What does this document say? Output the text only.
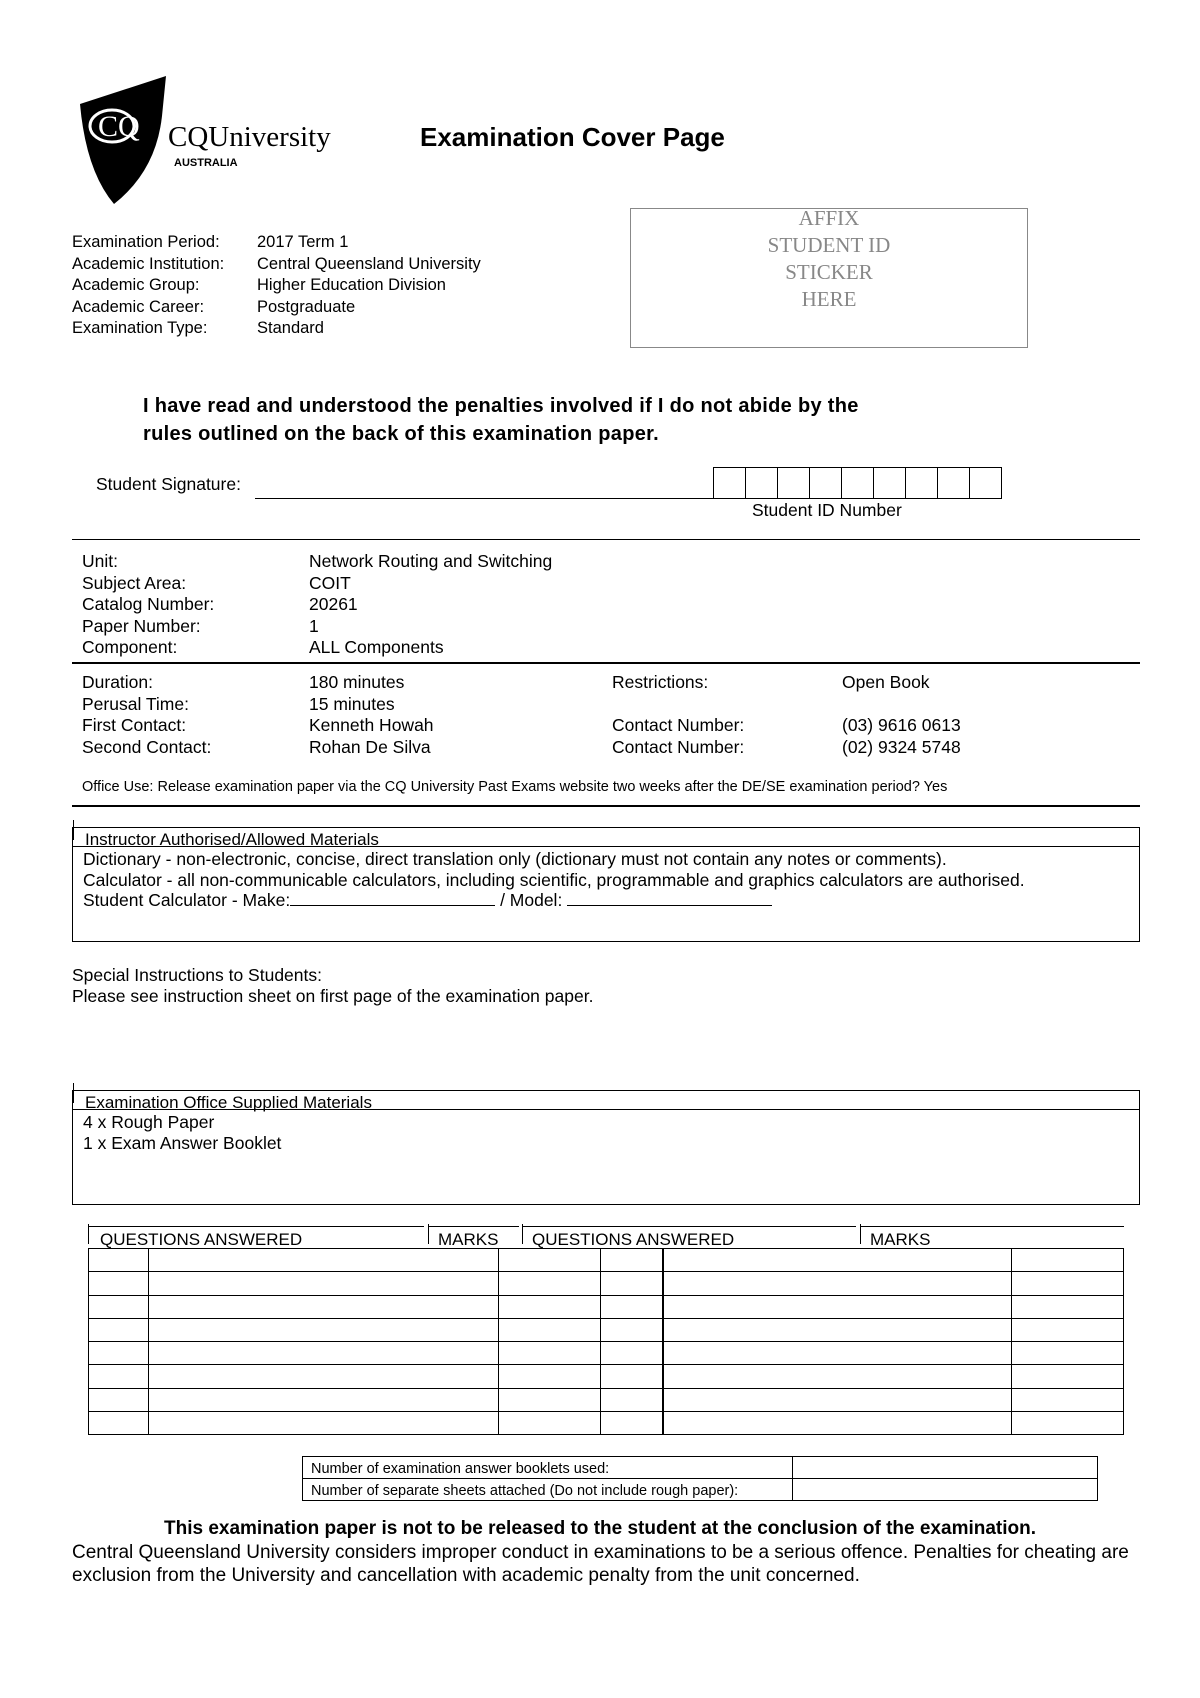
CQ CQUniversity
AUSTRALIA
Examination Cover Page
Examination Period:	2017 Term 1
Academic Institution:	Central Queensland University
Academic Group:	Higher Education Division
Academic Career:	Postgraduate
Examination Type:	Standard
AFFIX
STUDENT ID
STICKER
HERE
I have read and understood the penalties involved if I do not abide by the
rules outlined on the back of this examination paper.
Student Signature:
Student ID Number
Unit:	Network Routing and Switching
Subject Area:	COIT
Catalog Number:	20261
Paper Number:	1
Component:	ALL Components
Duration:	180 minutes	Restrictions:	Open Book
Perusal Time:	15 minutes
First Contact:	Kenneth Howah	Contact Number:	(03) 9616 0613
Second Contact:	Rohan De Silva	Contact Number:	(02) 9324 5748
Office Use: Release examination paper via the CQ University Past Exams website two weeks after the DE/SE examination period? Yes
Instructor Authorised/Allowed Materials
Dictionary - non-electronic, concise, direct translation only (dictionary must not contain any notes or comments).
Calculator - all non-communicable calculators, including scientific, programmable and graphics calculators are authorised.
Student Calculator - Make:	/ Model:
Special Instructions to Students:
Please see instruction sheet on first page of the examination paper.
Examination Office Supplied Materials
4 x Rough Paper
1 x Exam Answer Booklet
QUESTIONS ANSWERED	MARKS QUESTIONS ANSWERED	MARKS

Number of examination answer booklets used:	
Number of separate sheets attached (Do not include rough paper):	
This examination paper is not to be released to the student at the conclusion of the examination.
Central Queensland University considers improper conduct in examinations to be a serious offence. Penalties for cheating are exclusion from the University and cancellation with academic penalty from the unit concerned.
